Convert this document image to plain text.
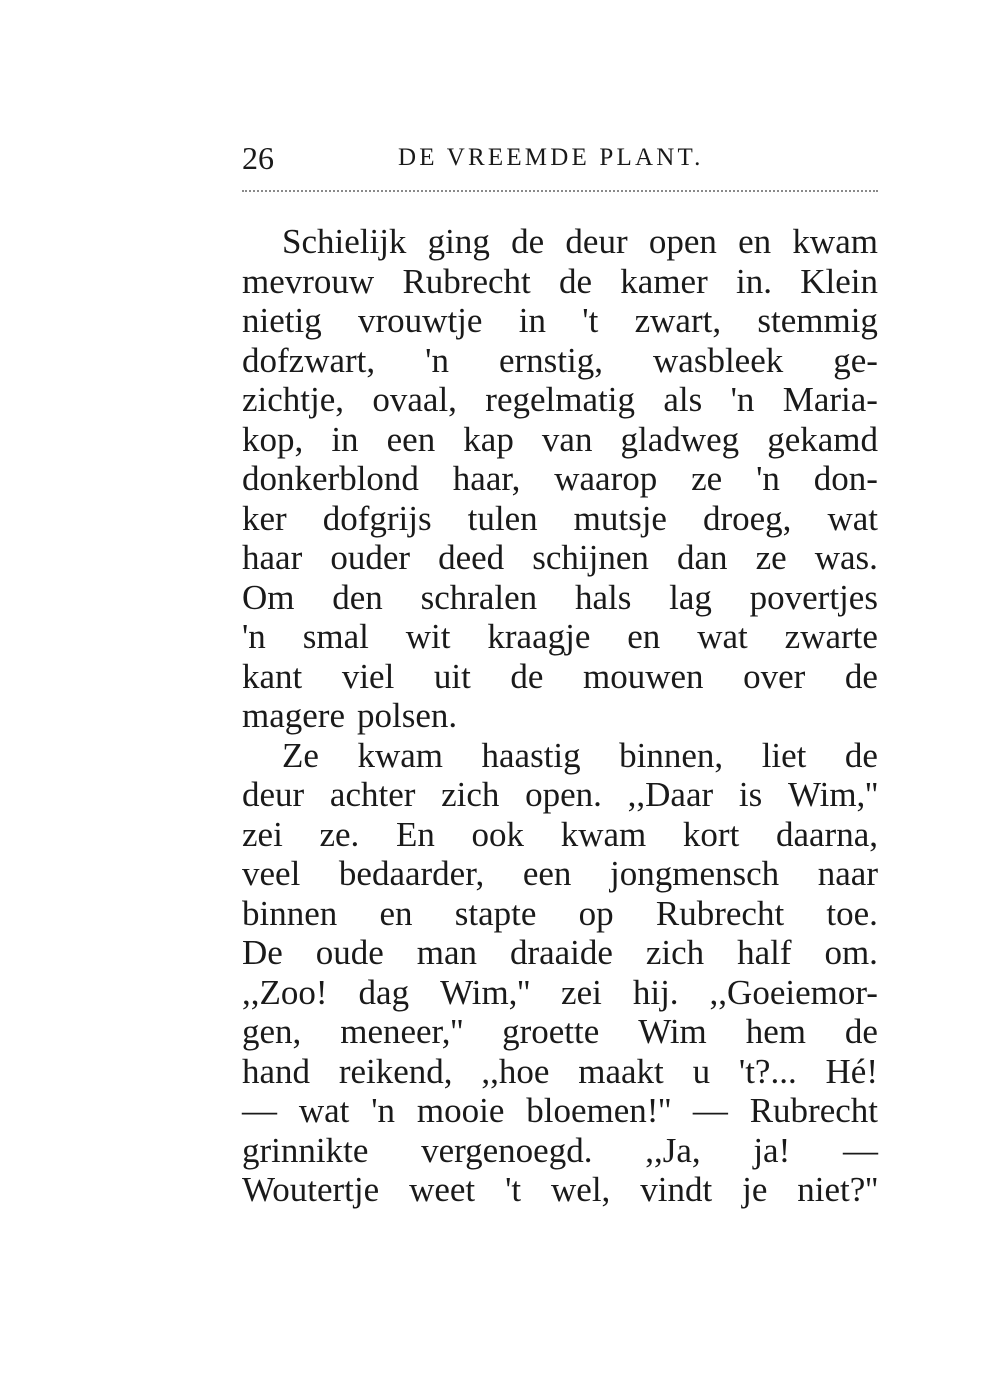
26	DE VREEMDE PLANT.
Schielijk ging de deur open en kwam
mevrouw Rubrecht de kamer in. Klein
nietig vrouwtje in 't zwart, stemmig
dofzwart, 'n ernstig, wasbleek ge-
zichtje, ovaal, regelmatig als 'n Maria-
kop, in een kap van gladweg gekamd
donkerblond haar, waarop ze 'n don-
ker dofgrijs tulen mutsje droeg, wat
haar ouder deed schijnen dan ze was.
Om den schralen hals lag povertjes
'n smal wit kraagje en wat zwarte
kant viel uit de mouwen over de
magere polsen.
Ze kwam haastig binnen, liet de
deur achter zich open. ,,Daar is Wim,''
zei ze. En ook kwam kort daarna,
veel bedaarder, een jongmensch naar
binnen en stapte op Rubrecht toe.
De oude man draaide zich half om.
,,Zoo! dag Wim,'' zei hij. ,,Goeiemor-
gen, meneer,'' groette Wim hem de
hand reikend, ,,hoe maakt u 't?... Hé!
— wat 'n mooie bloemen!'' — Rubrecht
grinnikte vergenoegd. ,,Ja, ja! —
Woutertje weet 't wel, vindt je niet?''
